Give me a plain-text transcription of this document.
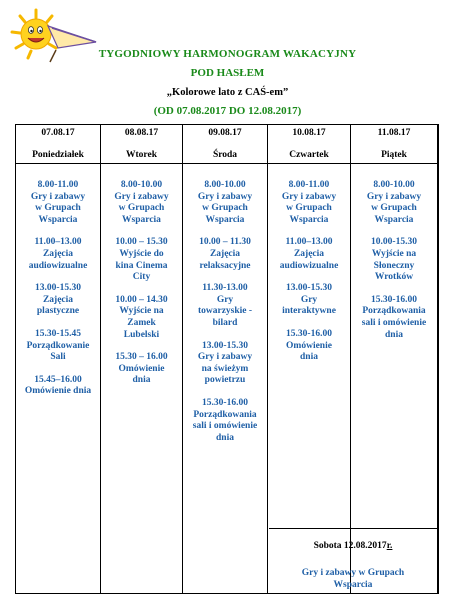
TYGODNIOWY HARMONOGRAM WAKACYJNY
POD HASŁEM
„Kolorowe lato z CAŚ-em”
(OD 07.08.2017 DO 12.08.2017)
07.08.17
Poniedziałek
8.00-11.00
Gry i zabawy
w Grupach
Wsparcia
11.00–13.00
Zajęcia
audiowizualne
13.00-15.30
Zajęcia
plastyczne
15.30-15.45
Porządkowanie
Sali
15.45–16.00
Omówienie dnia
08.08.17
Wtorek
8.00-10.00
Gry i zabawy
w Grupach
Wsparcia
10.00 – 15.30
Wyjście do
kina Cinema
City
10.00 – 14.30
Wyjście na
Zamek
Lubelski
15.30 – 16.00
Omówienie
dnia
09.08.17
Środa
8.00-10.00
Gry i zabawy
w Grupach
Wsparcia
10.00 – 11.30
Zajęcia
relaksacyjne
11.30-13.00
Gry
towarzyskie -
bilard
13.00-15.30
Gry i zabawy
na świeżym
powietrzu
15.30-16.00
Porządkowania
sali i omówienie
dnia
10.08.17
Czwartek
8.00-11.00
Gry i zabawy
w Grupach
Wsparcia
11.00–13.00
Zajęcia
audiowizualne
13.00-15.30
Gry
interaktywne
15.30-16.00
Omówienie
dnia
11.08.17
Piątek
8.00-10.00
Gry i zabawy
w Grupach
Wsparcia
10.00-15.30
Wyjście na
Słoneczny
Wrotków
15.30-16.00
Porządkowania
sali i omówienie
dnia
Sobota 12.08.2017r.
Gry i zabawy w Grupach
Wsparcia
